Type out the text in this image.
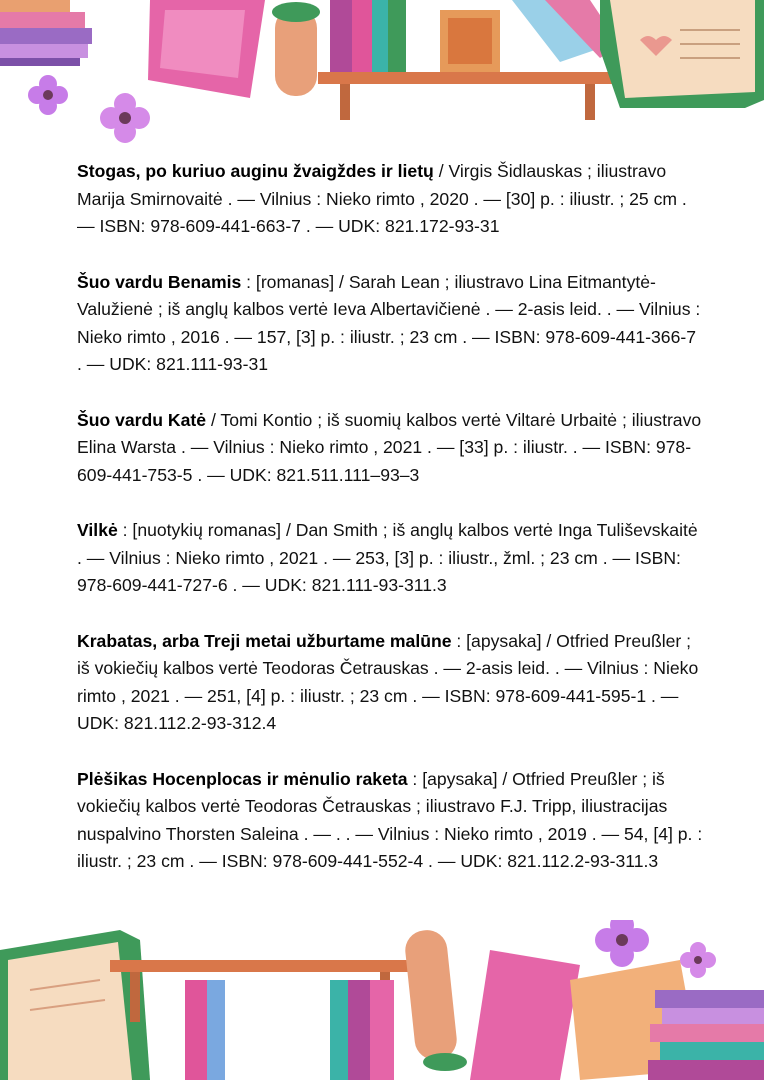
Stogas, po kuriuo auginu žvaigždes ir lietų / Virgis Šidlauskas ; iliustravo Marija Smirnovaitė . — Vilnius : Nieko rimto , 2020 . — [30] p. : iliustr. ; 25 cm . — ISBN: 978-609-441-663-7 . — UDK: 821.172-93-31

Šuo vardu Benamis : [romanas] / Sarah Lean ; iliustravo Lina Eitmantytė-Valužienė ; iš anglų kalbos vertė Ieva Albertavičienė . — 2-asis leid. . — Vilnius : Nieko rimto , 2016 . — 157, [3] p. : iliustr. ; 23 cm . — ISBN: 978-609-441-366-7 . — UDK: 821.111-93-31

Šuo vardu Katė / Tomi Kontio ; iš suomių kalbos vertė Viltarė Urbaitė ; iliustravo Elina Warsta . — Vilnius : Nieko rimto , 2021 . — [33] p. : iliustr. . — ISBN: 978-609-441-753-5 . — UDK: 821.511.111–93–3

Vilkė : [nuotykių romanas] / Dan Smith ; iš anglų kalbos vertė Inga Tuliševskaitė . — Vilnius : Nieko rimto , 2021 . — 253, [3] p. : iliustr., žml. ; 23 cm . — ISBN: 978-609-441-727-6 . — UDK: 821.111-93-311.3

Krabatas, arba Treji metai užburtame malūne : [apysaka] / Otfried Preußler ; iš vokiečių kalbos vertė Teodoras Četrauskas . — 2-asis leid. . — Vilnius : Nieko rimto , 2021 . — 251, [4] p. : iliustr. ; 23 cm . — ISBN: 978-609-441-595-1 . — UDK: 821.112.2-93-312.4

Plėšikas Hocenplocas ir mėnulio raketa : [apysaka] / Otfried Preußler ; iš vokiečių kalbos vertė Teodoras Četrauskas ; iliustravo F.J. Tripp, iliustracijas nuspalvino Thorsten Saleina . — . . — Vilnius : Nieko rimto , 2019 . — 54, [4] p. : iliustr. ; 23 cm . — ISBN: 978-609-441-552-4 . — UDK: 821.112.2-93-311.3
